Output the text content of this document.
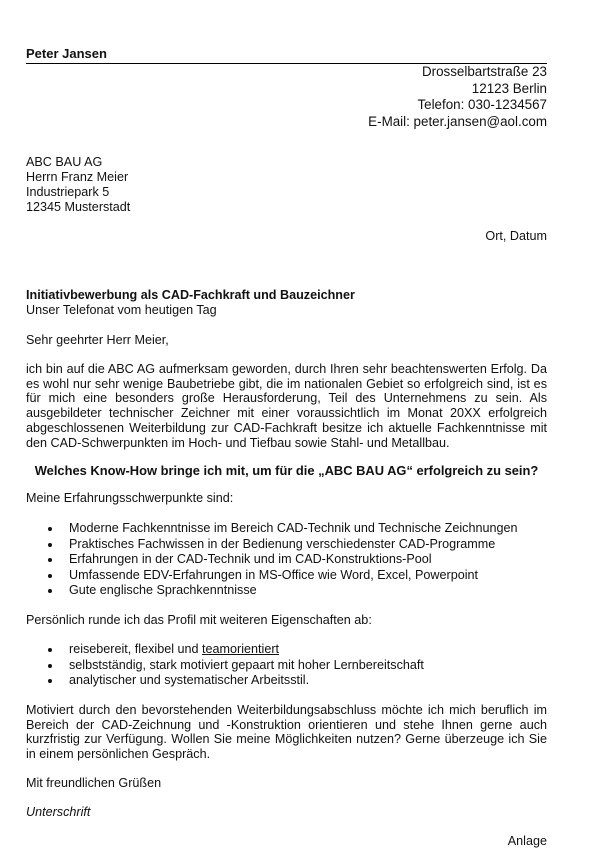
Peter Jansen

Drosselbartstraße 23
12123 Berlin
Telefon: 030-1234567
E-Mail: peter.jansen@aol.com
ABC BAU AG
Herrn Franz Meier
Industriepark 5
12345 Musterstadt

Ort, Datum

Initiativbewerbung als CAD-Fachkraft und Bauzeichner
Unser Telefonat vom heutigen Tag

Sehr geehrter Herr Meier,

ich bin auf die ABC AG aufmerksam geworden, durch Ihren sehr beachtenswerten Erfolg. Da es wohl nur sehr wenige Baubetriebe gibt, die im nationalen Gebiet so erfolgreich sind, ist es für mich eine besonders große Herausforderung, Teil des Unternehmens zu sein. Als ausgebildeter technischer Zeichner mit einer voraussichtlich im Monat 20XX erfolgreich abgeschlossenen Weiterbildung zur CAD-Fachkraft besitze ich aktuelle Fachkenntnisse mit den CAD-Schwerpunkten im Hoch- und Tiefbau sowie Stahl- und Metallbau.

Welches Know-How bringe ich mit, um für die „ABC BAU AG“ erfolgreich zu sein?

Meine Erfahrungsschwerpunkte sind:

Moderne Fachkenntnisse im Bereich CAD-Technik und Technische Zeichnungen
Praktisches Fachwissen in der Bedienung verschiedenster CAD-Programme
Erfahrungen in der CAD-Technik und im CAD-Konstruktions-Pool
Umfassende EDV-Erfahrungen in MS-Office wie Word, Excel, Powerpoint
Gute englische Sprachkenntnisse

Persönlich runde ich das Profil mit weiteren Eigenschaften ab:

reisebereit, flexibel und teamorientiert
selbstständig, stark motiviert gepaart mit hoher Lernbereitschaft
analytischer und systematischer Arbeitsstil.

Motiviert durch den bevorstehenden Weiterbildungsabschluss möchte ich mich beruflich im Bereich der CAD-Zeichnung und -Konstruktion orientieren und stehe Ihnen gerne auch kurzfristig zur Verfügung. Wollen Sie meine Möglichkeiten nutzen? Gerne überzeuge ich Sie in einem persönlichen Gespräch.

Mit freundlichen Grüßen

Unterschrift

Anlage
